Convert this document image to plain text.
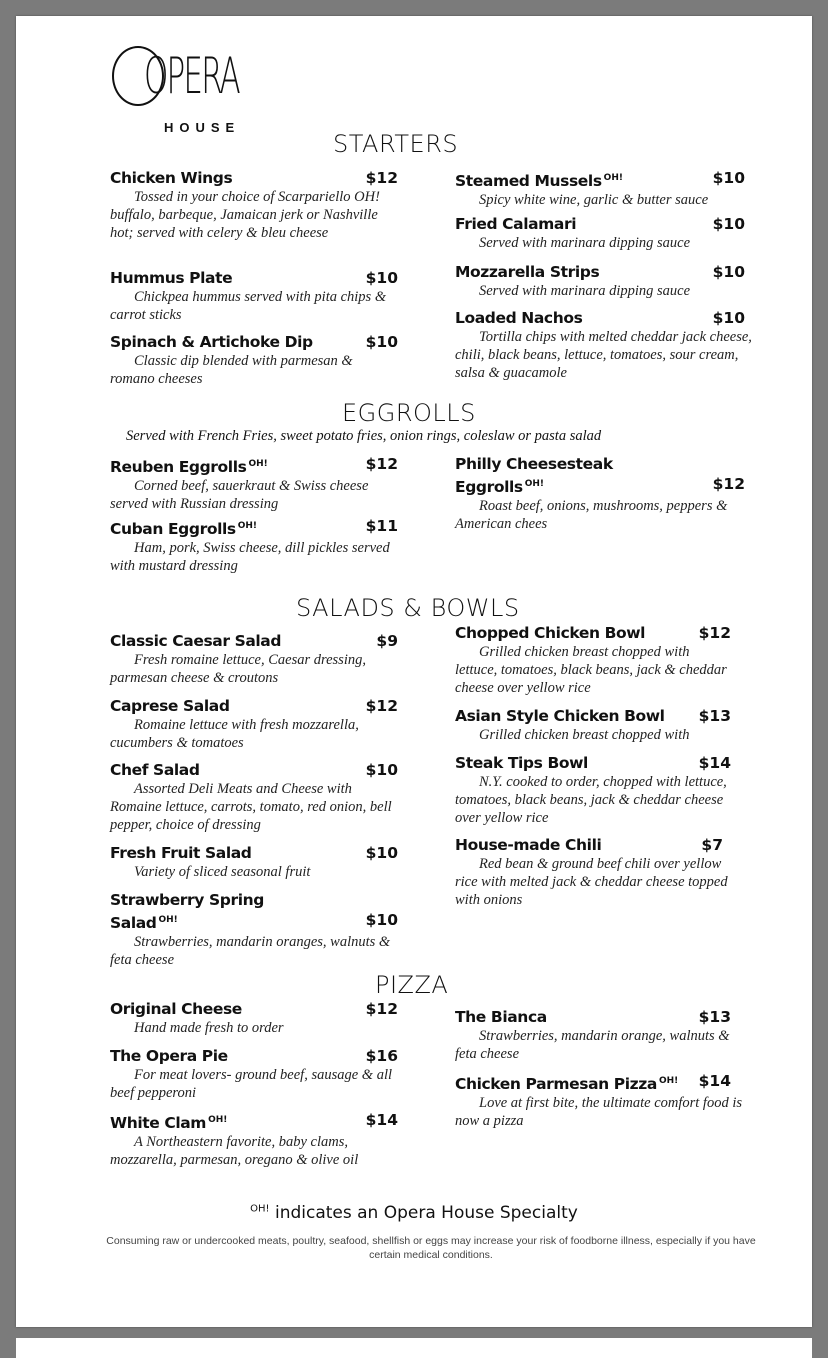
OPERA
HOUSE
STARTERS
Chicken Wings	$12

Tossed in your choice of Scarpariello OH! buffalo, barbeque, Jamaican jerk or Nashville hot; served with celery & bleu cheese

Hummus Plate	$10

Chickpea hummus served with pita chips & carrot sticks

Spinach & Artichoke Dip	$10

Classic dip blended with parmesan & romano cheeses

Steamed Mussels $^{OH!}$	$10

Spicy white wine, garlic & butter sauce

Fried Calamari	$10

Served with marinara dipping sauce

Mozzarella Strips	$10

Served with marinara dipping sauce

Loaded Nachos	$10

Tortilla chips with melted cheddar jack cheese, chili, black beans, lettuce, tomatoes, sour cream, salsa & guacamole

EGGROLLS
Served with French Fries, sweet potato fries, onion rings, coleslaw or pasta salad
Reuben Eggrolls $^{OH!}$	$12

Corned beef, sauerkraut & Swiss cheese served with Russian dressing

Cuban Eggrolls $^{OH!}$	$11

Ham, pork, Swiss cheese, dill pickles served with mustard dressing

Philly Cheesesteak
Eggrolls $^{OH!}$	$12

Roast beef, onions, mushrooms, peppers & American chees

SALADS & BOWLS
Classic Caesar Salad	$9

Fresh romaine lettuce, Caesar dressing, parmesan cheese & croutons

Caprese Salad	$12

Romaine lettuce with fresh mozzarella, cucumbers & tomatoes

Chef Salad	$10

Assorted Deli Meats and Cheese with Romaine lettuce, carrots, tomato, red onion, bell pepper, choice of dressing

Fresh Fruit Salad	$10

Variety of sliced seasonal fruit

Strawberry Spring
Salad $^{OH!}$	$10

Strawberries, mandarin oranges, walnuts & feta cheese

Chopped Chicken Bowl	$12

Grilled chicken breast chopped with lettuce, tomatoes, black beans, jack & cheddar cheese over yellow rice

Asian Style Chicken Bowl	$13

Grilled chicken breast chopped with

Steak Tips Bowl	$14

N.Y. cooked to order, chopped with lettuce, tomatoes, black beans, jack & cheddar cheese over yellow rice

House-made Chili	$7

Red bean & ground beef chili over yellow rice with melted jack & cheddar cheese topped with onions

PIZZA
Original Cheese	$12

Hand made fresh to order

The Opera Pie	$16

For meat lovers- ground beef, sausage & all beef pepperoni

White Clam $^{OH!}$	$14

A Northeastern favorite, baby clams, mozzarella, parmesan, oregano & olive oil

The Bianca	$13

Strawberries, mandarin orange, walnuts & feta cheese

Chicken Parmesan Pizza $^{OH!}$	$14

Love at first bite, the ultimate comfort food is now a pizza

$^{OH!}$ indicates an Opera House Specialty
Consuming raw or undercooked meats, poultry, seafood, shellfish or eggs may increase your risk of foodborne illness, especially if you have certain medical conditions.
